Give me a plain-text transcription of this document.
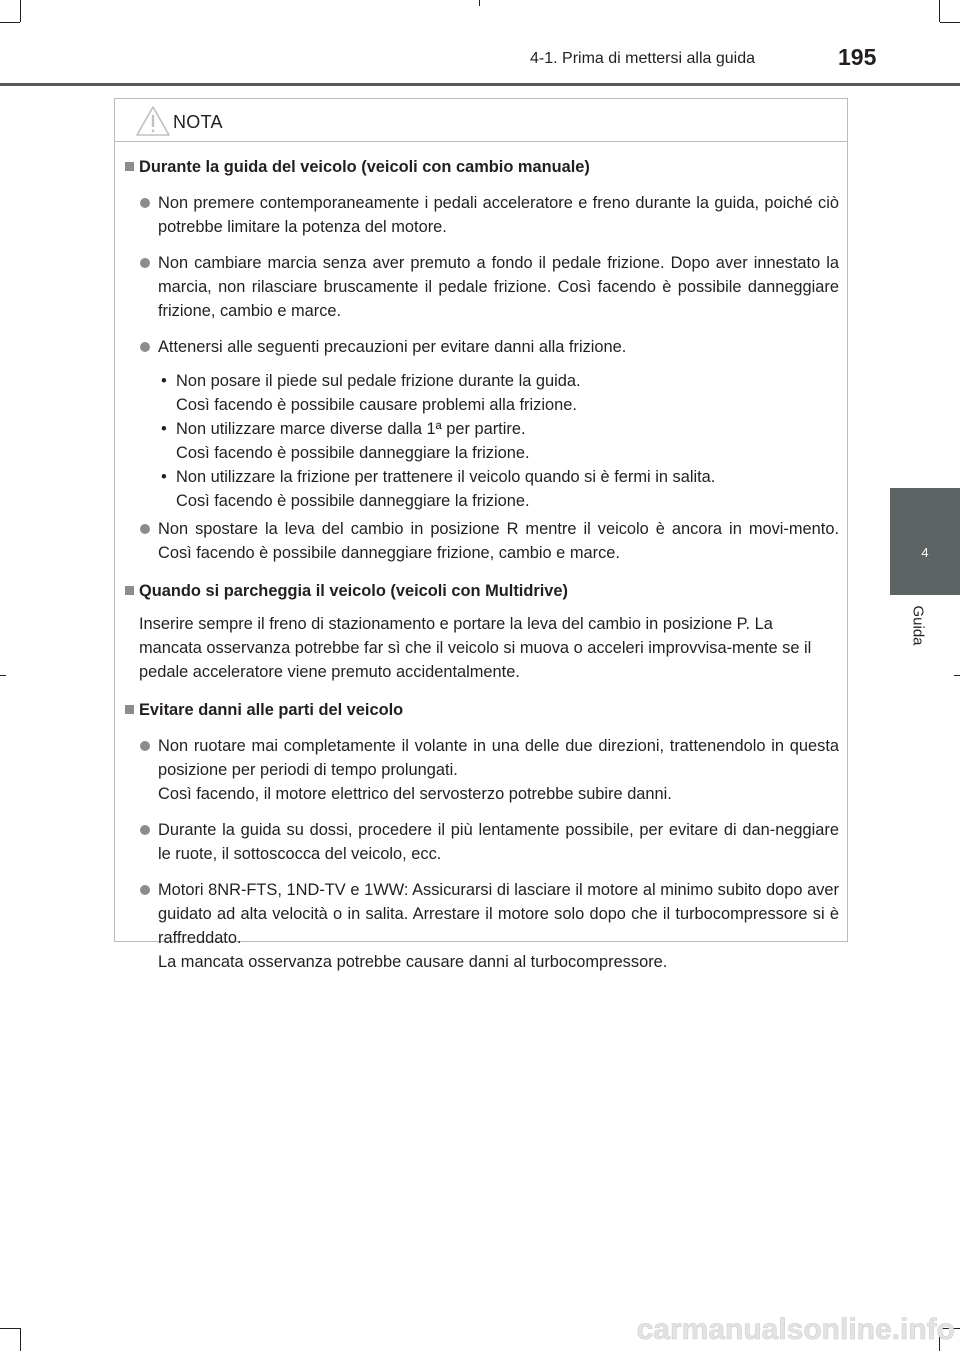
4-1. Prima di mettersi alla guida	195
4
Guida
NOTA
Durante la guida del veicolo (veicoli con cambio manuale)
Non premere contemporaneamente i pedali acceleratore e freno durante la guida, poiché ciò potrebbe limitare la potenza del motore.
Non cambiare marcia senza aver premuto a fondo il pedale frizione. Dopo aver innestato la marcia, non rilasciare bruscamente il pedale frizione. Così facendo è possibile danneggiare frizione, cambio e marce.
Attenersi alle seguenti precauzioni per evitare danni alla frizione.
• Non posare il piede sul pedale frizione durante la guida.
Così facendo è possibile causare problemi alla frizione.
• Non utilizzare marce diverse dalla 1ª per partire.
Così facendo è possibile danneggiare la frizione.
• Non utilizzare la frizione per trattenere il veicolo quando si è fermi in salita.
Così facendo è possibile danneggiare la frizione.
Non spostare la leva del cambio in posizione R mentre il veicolo è ancora in movi-mento. Così facendo è possibile danneggiare frizione, cambio e marce.
Quando si parcheggia il veicolo (veicoli con Multidrive)
Inserire sempre il freno di stazionamento e portare la leva del cambio in posizione P. La mancata osservanza potrebbe far sì che il veicolo si muova o acceleri improvvisa-mente se il pedale acceleratore viene premuto accidentalmente.
Evitare danni alle parti del veicolo
Non ruotare mai completamente il volante in una delle due direzioni, trattenendolo in questa posizione per periodi di tempo prolungati.
Così facendo, il motore elettrico del servosterzo potrebbe subire danni.
Durante la guida su dossi, procedere il più lentamente possibile, per evitare di dan-neggiare le ruote, il sottoscocca del veicolo, ecc.
Motori 8NR-FTS, 1ND-TV e 1WW: Assicurarsi di lasciare il motore al minimo subito dopo aver guidato ad alta velocità o in salita. Arrestare il motore solo dopo che il turbocompressore si è raffreddato.
La mancata osservanza potrebbe causare danni al turbocompressore.
carmanualsonline.info
